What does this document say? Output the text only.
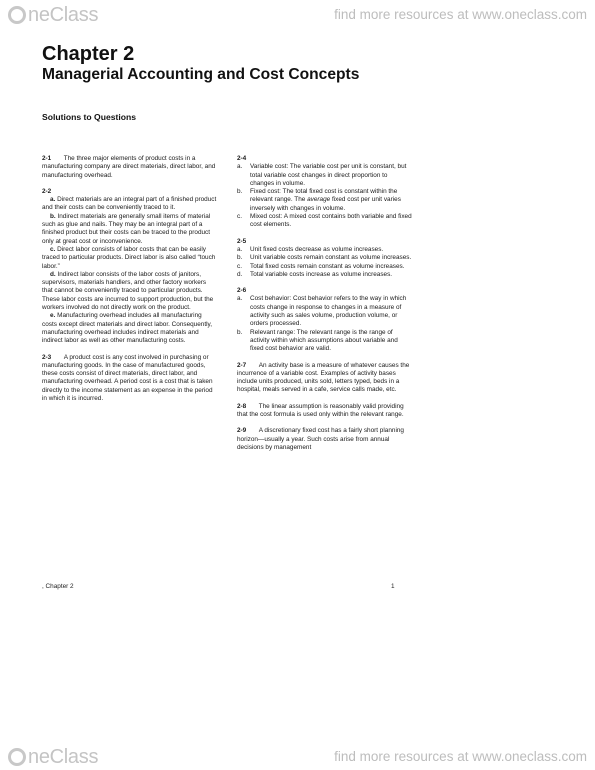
neClass	find more resources at www.oneclass.com
Chapter 2
Managerial Accounting and Cost Concepts
Solutions to Questions

2-1 The three major elements of product costs in a manufacturing company are direct materials, direct labor, and manufacturing overhead.

2-2

a. Direct materials are an integral part of a finished product and their costs can be conveniently traced to it.

b. Indirect materials are generally small items of material such as glue and nails. They may be an integral part of a finished product but their costs can be traced to the product only at great cost or inconvenience.

c. Direct labor consists of labor costs that can be easily traced to particular products. Direct labor is also called “touch labor.”

d. Indirect labor consists of the labor costs of janitors, supervisors, materials handlers, and other factory workers that cannot be conveniently traced to particular products. These labor costs are incurred to support production, but the workers involved do not directly work on the product.

e. Manufacturing overhead includes all manufacturing costs except direct materials and direct labor. Consequently, manufacturing overhead includes indirect materials and indirect labor as well as other manufacturing costs.

2-3 A product cost is any cost involved in purchasing or manufacturing goods. In the case of manufactured goods, these costs consist of direct materials, direct labor, and manufacturing overhead. A period cost is a cost that is taken directly to the income statement as an expense in the period in which it is incurred.

2-4

a.	Variable cost: The variable cost per unit is constant, but total variable cost changes in direct proportion to changes in volume.
b.	Fixed cost: The total fixed cost is constant within the relevant range. The average fixed cost per unit varies inversely with changes in volume.
c.	Mixed cost: A mixed cost contains both variable and fixed cost elements.

2-5

a.	Unit fixed costs decrease as volume increases.
b.	Unit variable costs remain constant as volume increases.
c.	Total fixed costs remain constant as volume increases.
d.	Total variable costs increase as volume increases.

2-6

a.	Cost behavior: Cost behavior refers to the way in which costs change in response to changes in a measure of activity such as sales volume, production volume, or orders processed.
b.	Relevant range: The relevant range is the range of activity within which assumptions about variable and fixed cost behavior are valid.

2-7 An activity base is a measure of whatever causes the incurrence of a variable cost. Examples of activity bases include units produced, units sold, letters typed, beds in a hospital, meals served in a cafe, service calls made, etc.

2-8 The linear assumption is reasonably valid providing that the cost formula is used only within the relevant range.

2-9 A discretionary fixed cost has a fairly short planning horizon—usually a year. Such costs arise from annual decisions by management

, Chapter 2	1
neClass	find more resources at www.oneclass.com
